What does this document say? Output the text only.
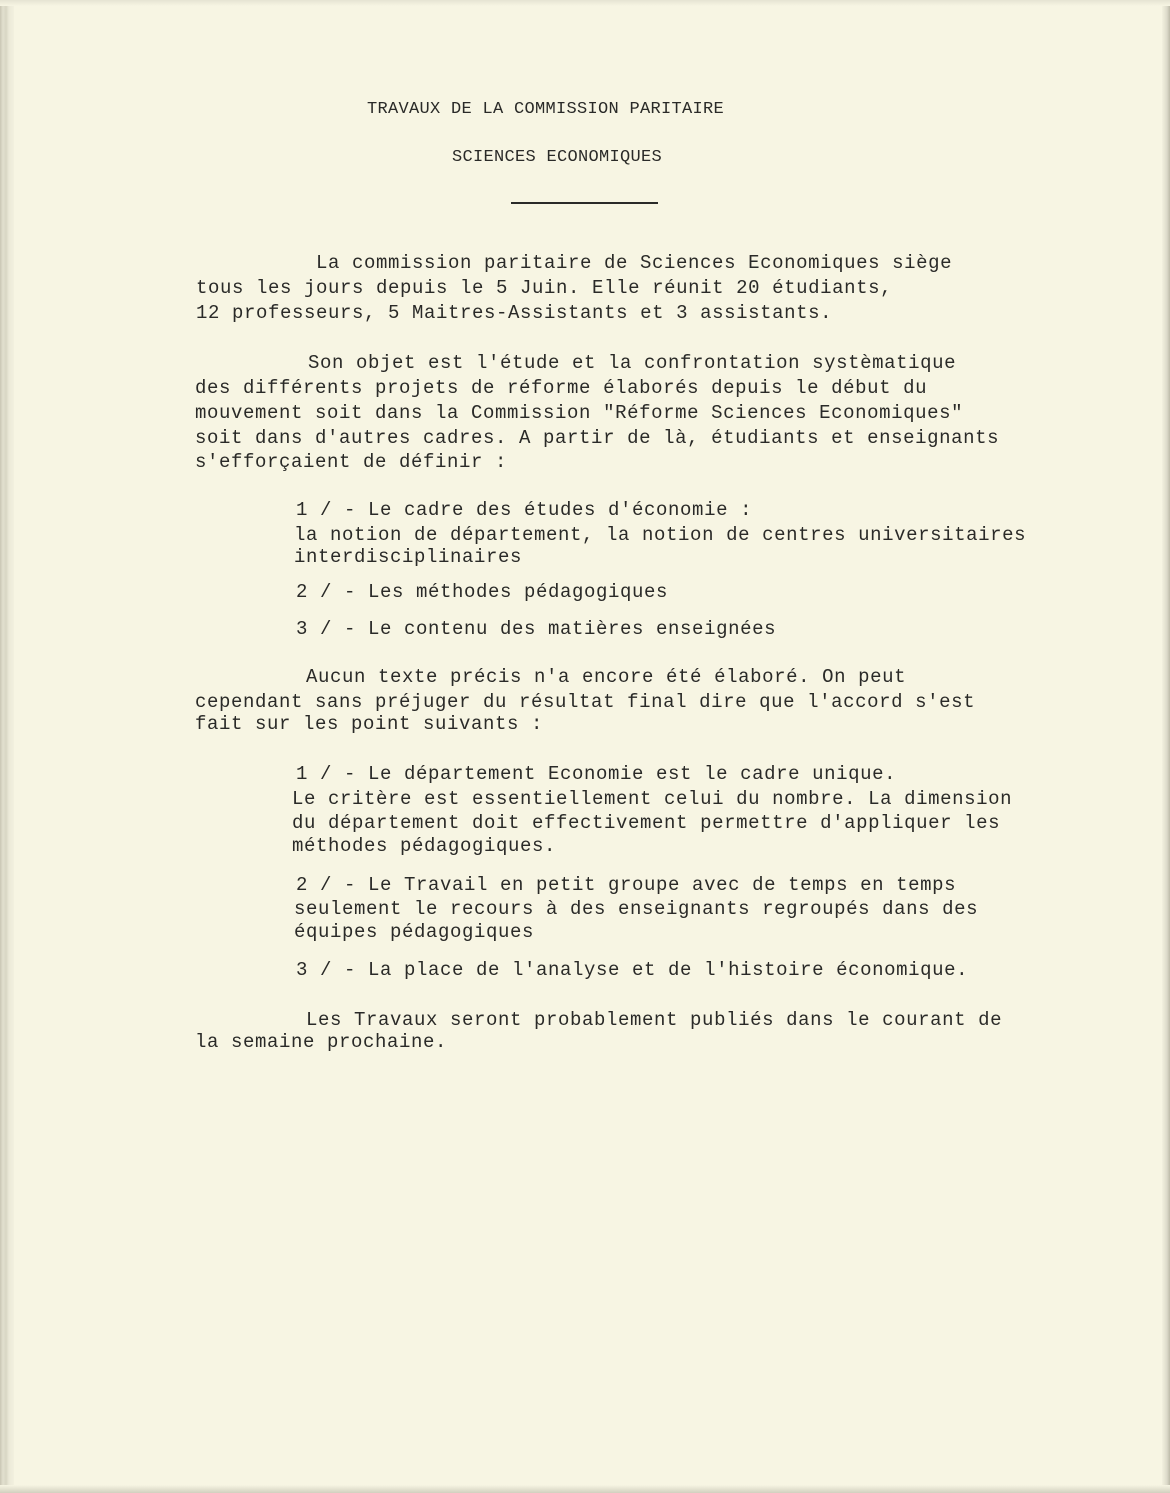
TRAVAUX DE LA COMMISSION PARITAIRE

SCIENCES ECONOMIQUES

La commission paritaire de Sciences Economiques siège

tous les jours depuis le 5 Juin. Elle réunit 20 étudiants,

12 professeurs, 5 Maitres-Assistants et 3 assistants.

Son objet est l'étude et la confrontation systèmatique

des différents projets de réforme élaborés depuis le début du

mouvement soit dans la Commission "Réforme Sciences Economiques"

soit dans d'autres cadres. A partir de là, étudiants et enseignants

s'efforçaient de définir :

1 / - Le cadre des études d'économie :

la notion de département, la notion de centres universitaires

interdisciplinaires

2 / - Les méthodes pédagogiques

3 / - Le contenu des matières enseignées

Aucun texte précis n'a encore été élaboré. On peut

cependant sans préjuger du résultat final dire que l'accord s'est

fait sur les point suivants :

1 / - Le département Economie est le cadre unique.

Le critère est essentiellement celui du nombre. La dimension

du département doit effectivement permettre d'appliquer les

méthodes pédagogiques.

2 / - Le Travail en petit groupe avec de temps en temps

seulement le recours à des enseignants regroupés dans des

équipes pédagogiques

3 / - La place de l'analyse et de l'histoire économique.

Les Travaux seront probablement publiés dans le courant de

la semaine prochaine.
